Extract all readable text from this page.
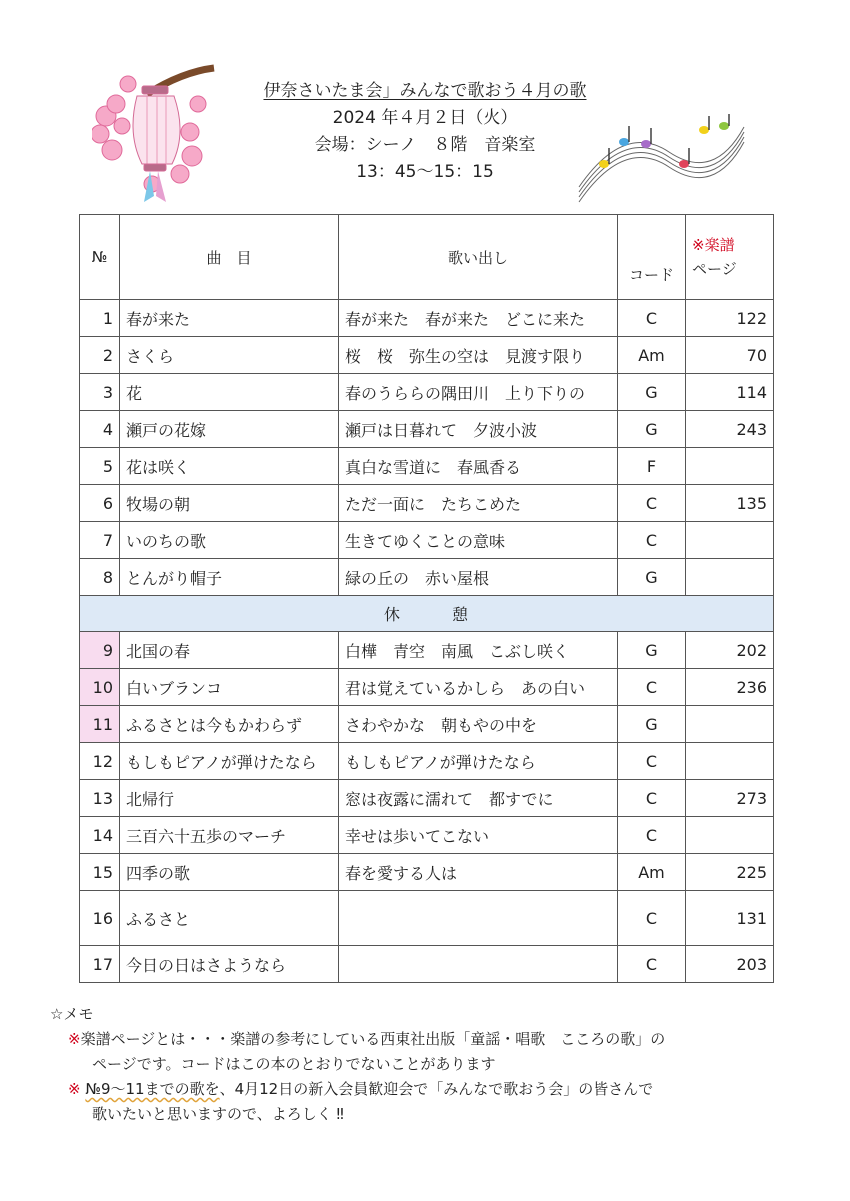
伊奈さいたま会」みんなで歌おう４月の歌
2024 年４月２日（火）
会場：シーノ　８階　音楽室
13：45～15：15
№	曲　目	歌い出し	コード	※楽譜
ページ
1	春が来た	春が来た　春が来た　どこに来た	C	122
2	さくら	桜　桜　弥生の空は　見渡す限り	Am	70
3	花	春のうららの隅田川　上り下りの	G	114
4	瀬戸の花嫁	瀬戸は日暮れて　夕波小波	G	243
5	花は咲く	真白な雪道に　春風香る	F	
6	牧場の朝	ただ一面に　たちこめた	C	135
7	いのちの歌	生きてゆくことの意味	C	
8	とんがり帽子	緑の丘の　赤い屋根	G	
休　　　憩				
9	北国の春	白樺　青空　南風　こぶし咲く	G	202
10	白いブランコ	君は覚えているかしら　あの白い	C	236
11	ふるさとは今もかわらず	さわやかな　朝もやの中を	G	
12	もしもピアノが弾けたなら	もしもピアノが弾けたなら	C	
13	北帰行	窓は夜露に濡れて　都すでに	C	273
14	三百六十五歩のマーチ	幸せは歩いてこない	C	
15	四季の歌	春を愛する人は	Am	225
16	ふるさと		C	131
17	今日の日はさようなら		C	203
☆メモ
※楽譜ページとは・・・楽譜の参考にしている西東社出版「童謡・唱歌　こころの歌」の
ページです。コードはこの本のとおりでないことがあります
※ №9～11までの歌を、4月12日の新入会員歓迎会で「みんなで歌おう会」の皆さんで
歌いたいと思いますので、よろしく ‼
